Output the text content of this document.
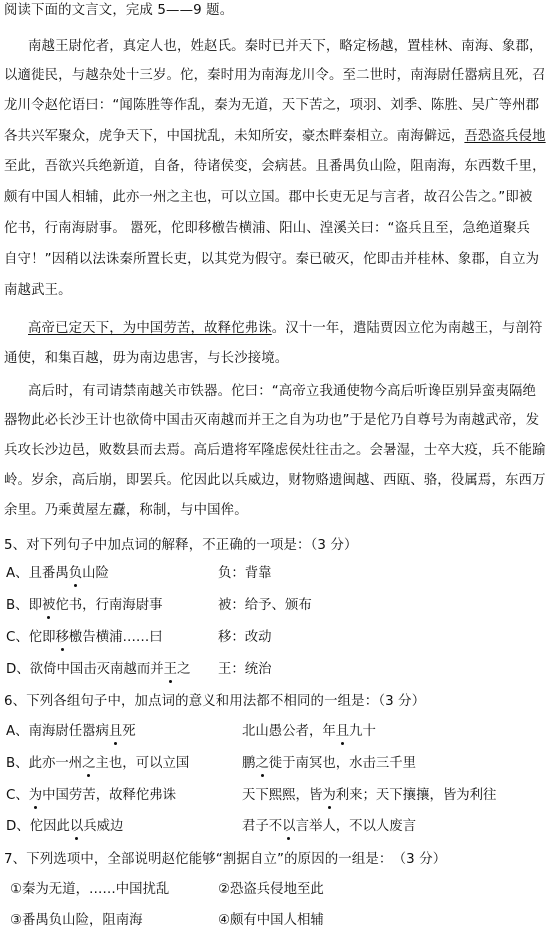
阅读下面的文言文，完成 5——9 题。
南越王尉佗者，真定人也，姓赵氏。秦时已并天下，略定杨越，置桂林、南海、象郡，
以適徙民，与越杂处十三岁。佗，秦时用为南海龙川令。至二世时，南海尉任嚣病且死，召
龙川令赵佗语曰：“闻陈胜等作乱，秦为无道，天下苦之，项羽、刘季、陈胜、吴广等州郡
各共兴军聚众，虎争天下，中国扰乱，未知所安，豪杰畔秦相立。南海僻远，吾恐盗兵侵地
至此，吾欲兴兵绝新道，自备，待诸侯变，会病甚。且番禺负山险，阻南海，东西数千里，
颇有中国人相辅，此亦一州之主也，可以立国。郡中长吏无足与言者，故召公告之。”即被
佗书，行南海尉事。 嚣死，佗即移檄告横浦、阳山、湟溪关曰：“盗兵且至，急绝道聚兵
自守！”因稍以法诛秦所置长吏，以其党为假守。秦已破灭，佗即击并桂林、象郡，自立为
南越武王。
高帝已定天下，为中国劳苦，故释佗弗诛。汉十一年，遣陆贾因立佗为南越王，与剖符
通使，和集百越，毋为南边患害，与长沙接境。
高后时，有司请禁南越关市铁器。佗曰：“高帝立我通使物今高后听谗臣别异蛮夷隔绝
器物此必长沙王计也欲倚中国击灭南越而并王之自为功也”于是佗乃自尊号为南越武帝，发
兵攻长沙边邑，败数县而去焉。高后遣将军隆虑侯灶往击之。会暑湿，士卒大疫，兵不能踰
岭。岁余，高后崩，即罢兵。佗因此以兵威边，财物赂遗闽越、西瓯、骆，役属焉，东西万
余里。乃乘黄屋左纛，称制，与中国侔。
5、对下列句子中加点词的解释，不正确的一项是：（3 分）
A、且番禺负山险	负：背靠
B、即被佗书，行南海尉事	被：给予、颁布
C、佗即移檄告横浦……曰	移：改动
D、欲倚中国击灭南越而并王之 王：统治
6、下列各组句子中，加点词的意义和用法都不相同的一组是：（3 分）
A、南海尉任嚣病且死	北山愚公者，年且九十
B、此亦一州之主也，可以立国	鹏之徙于南冥也，水击三千里
C、为中国劳苦，故释佗弗诛	天下熙熙，皆为利来；天下攘攘，皆为利往
D、佗因此以兵威边	君子不以言举人，不以人废言
7、下列选项中，全部说明赵佗能够“割据自立”的原因的一组是：　（3 分）
①秦为无道，……中国扰乱	②恐盗兵侵地至此
③番禺负山险，阻南海	④颇有中国人相辅
